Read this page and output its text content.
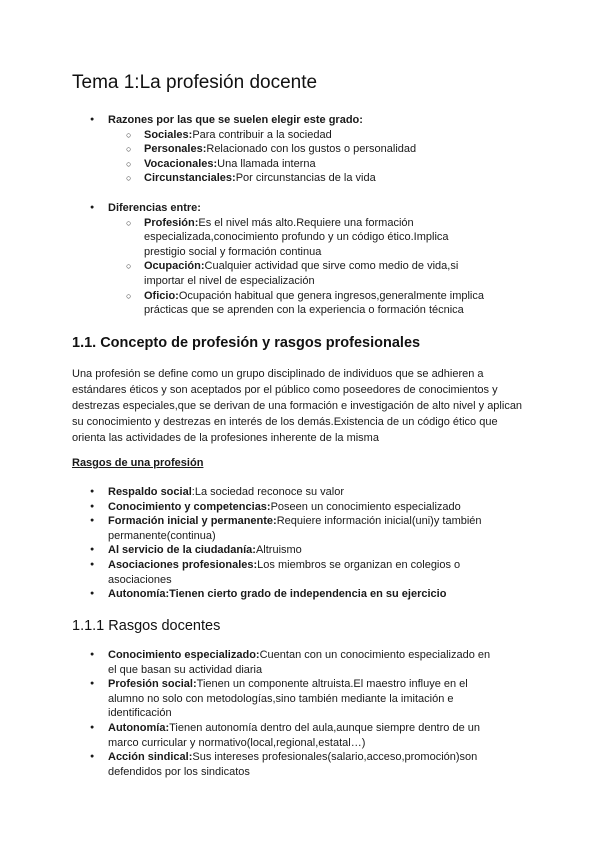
Tema 1:La profesión docente
● Razones por las que se suelen elegir este grado:
○ Sociales:Para contribuir a la sociedad
○ Personales:Relacionado con los gustos o personalidad
○ Vocacionales:Una llamada interna
○ Circunstanciales:Por circunstancias de la vida
● Diferencias entre:
○ Profesión:Es el nivel más alto.Requiere una formación especializada,conocimiento profundo y un código ético.Implica prestigio social y formación continua
○ Ocupación:Cualquier actividad que sirve como medio de vida,si importar el nivel de especialización
○ Oficio:Ocupación habitual que genera ingresos,generalmente implica prácticas que se aprenden con la experiencia o formación técnica
1.1. Concepto de profesión y rasgos profesionales

Una profesión se define como un grupo disciplinado de individuos que se adhieren a estándares éticos y son aceptados por el público como poseedores de conocimientos y destrezas especiales,que se derivan de una formación e investigación de alto nivel y aplican su conocimiento y destrezas en interés de los demás.Existencia de un código ético que orienta las actividades de la profesiones inherente de la misma

Rasgos de una profesión

● Respaldo social:La sociedad reconoce su valor
● Conocimiento y competencias:Poseen un conocimiento especializado
● Formación inicial y permanente:Requiere información inicial(uni)y también permanente(continua)
● Al servicio de la ciudadanía:Altruismo
● Asociaciones profesionales:Los miembros se organizan en colegios o asociaciones
● Autonomía:Tienen cierto grado de independencia en su ejercicio
1.1.1 Rasgos docentes
● Conocimiento especializado:Cuentan con un conocimiento especializado en el que basan su actividad diaria
● Profesión social:Tienen un componente altruista.El maestro influye en el alumno no solo con metodologías,sino también mediante la imitación e identificación
● Autonomía:Tienen autonomía dentro del aula,aunque siempre dentro de un marco curricular y normativo(local,regional,estatal…)
● Acción sindical:Sus intereses profesionales(salario,acceso,promoción)son defendidos por los sindicatos
